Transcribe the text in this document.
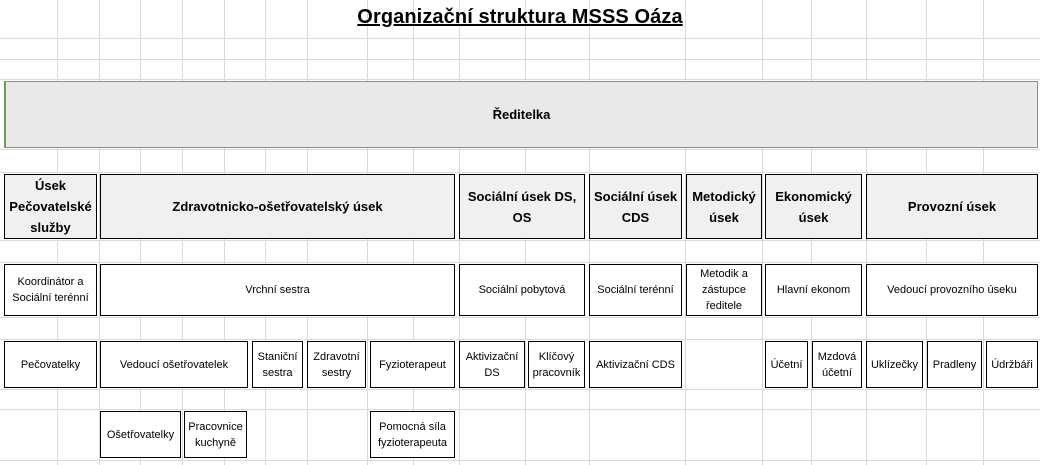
Organizační struktura MSSS Oáza
Ředitelka
Úsek Pečovatelské služby
Zdravotnicko-ošetřovatelský úsek
Sociální úsek DS, OS
Sociální úsek CDS
Metodický úsek
Ekonomický úsek
Provozní úsek
Koordinátor a Sociální terénní
Vrchní sestra	Sociální pobytová	Sociální terénní
Metodik a zástupce ředitele
Hlavní ekonom	Vedoucí provozního úseku
Pečovatelky	Vedoucí ošetřovatelek
Staniční sestra
Zdravotní sestry
Fyzioterapeut
Aktivizační DS
Klíčový pracovník
Aktivizační CDS	Účetní
Mzdová účetní
Uklízečky	Pradleny	Údržbáři
Ošetřovatelky
Pracovnice kuchyně
Pomocná síla fyzioterapeuta
